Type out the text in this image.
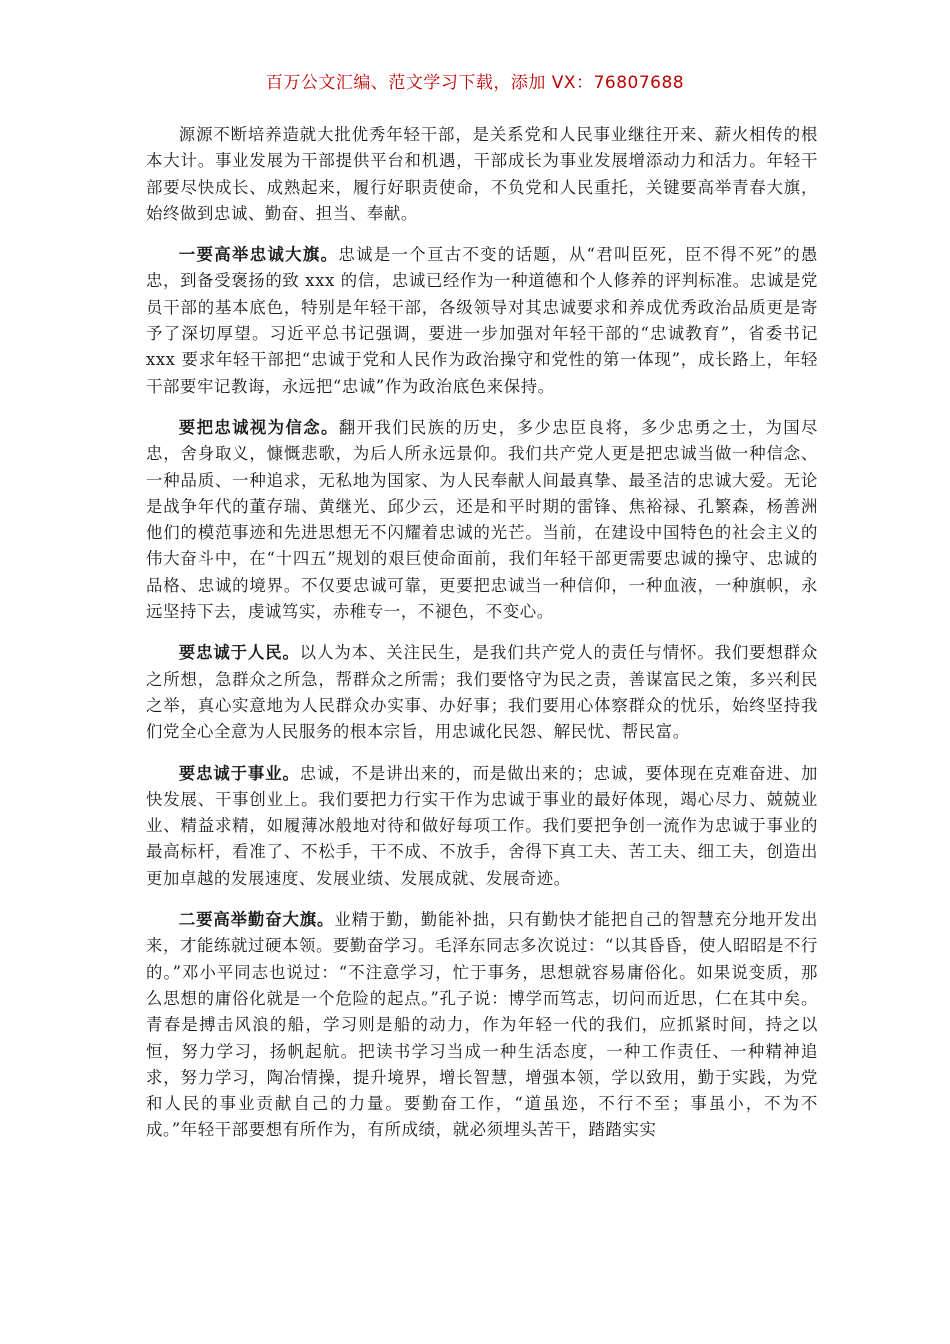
百万公文汇编、范文学习下载，添加 VX：76807688

源源不断培养造就大批优秀年轻干部，是关系党和人民事业继往开来、薪火相传的根本大计。事业发展为干部提供平台和机遇，干部成长为事业发展增添动力和活力。年轻干部要尽快成长、成熟起来，履行好职责使命，不负党和人民重托，关键要高举青春大旗，始终做到忠诚、勤奋、担当、奉献。

一要高举忠诚大旗。忠诚是一个亘古不变的话题，从“君叫臣死，臣不得不死”的愚忠，到备受褒扬的致 xxx 的信，忠诚已经作为一种道德和个人修养的评判标准。忠诚是党员干部的基本底色，特别是年轻干部，各级领导对其忠诚要求和养成优秀政治品质更是寄予了深切厚望。习近平总书记强调，要进一步加强对年轻干部的“忠诚教育”，省委书记 xxx 要求年轻干部把“忠诚于党和人民作为政治操守和党性的第一体现”，成长路上，年轻干部要牢记教诲，永远把“忠诚”作为政治底色来保持。

要把忠诚视为信念。翻开我们民族的历史，多少忠臣良将，多少忠勇之士，为国尽忠，舍身取义，慷慨悲歌，为后人所永远景仰。我们共产党人更是把忠诚当做一种信念、一种品质、一种追求，无私地为国家、为人民奉献人间最真挚、最圣洁的忠诚大爱。无论是战争年代的董存瑞、黄继光、邱少云，还是和平时期的雷锋、焦裕禄、孔繁森，杨善洲他们的模范事迹和先进思想无不闪耀着忠诚的光芒。当前，在建设中国特色的社会主义的伟大奋斗中，在“十四五”规划的艰巨使命面前，我们年轻干部更需要忠诚的操守、忠诚的品格、忠诚的境界。不仅要忠诚可靠，更要把忠诚当一种信仰，一种血液，一种旗帜，永远坚持下去，虔诚笃实，赤稚专一，不褪色，不变心。

要忠诚于人民。以人为本、关注民生，是我们共产党人的责任与情怀。我们要想群众之所想，急群众之所急，帮群众之所需；我们要恪守为民之责，善谋富民之策，多兴利民之举，真心实意地为人民群众办实事、办好事；我们要用心体察群众的忧乐，始终坚持我们党全心全意为人民服务的根本宗旨，用忠诚化民怨、解民忧、帮民富。

要忠诚于事业。忠诚，不是讲出来的，而是做出来的；忠诚，要体现在克难奋进、加快发展、干事创业上。我们要把力行实干作为忠诚于事业的最好体现，竭心尽力、兢兢业业、精益求精，如履薄冰般地对待和做好每项工作。我们要把争创一流作为忠诚于事业的最高标杆，看准了、不松手，干不成、不放手，舍得下真工夫、苦工夫、细工夫，创造出更加卓越的发展速度、发展业绩、发展成就、发展奇迹。

二要高举勤奋大旗。业精于勤，勤能补拙，只有勤快才能把自己的智慧充分地开发出来，才能练就过硬本领。要勤奋学习。毛泽东同志多次说过：“以其昏昏，使人昭昭是不行的。”邓小平同志也说过：“不注意学习，忙于事务，思想就容易庸俗化。如果说变质，那么思想的庸俗化就是一个危险的起点。”孔子说：博学而笃志，切问而近思，仁在其中矣。青春是搏击风浪的船，学习则是船的动力，作为年轻一代的我们，应抓紧时间，持之以恒，努力学习，扬帆起航。把读书学习当成一种生活态度，一种工作责任、一种精神追求，努力学习，陶冶情操，提升境界，增长智慧，增强本领，学以致用，勤于实践，为党和人民的事业贡献自己的力量。要勤奋工作，“道虽迩，不行不至；事虽小，不为不成。”年轻干部要想有所作为，有所成绩，就必须埋头苦干，踏踏实实
